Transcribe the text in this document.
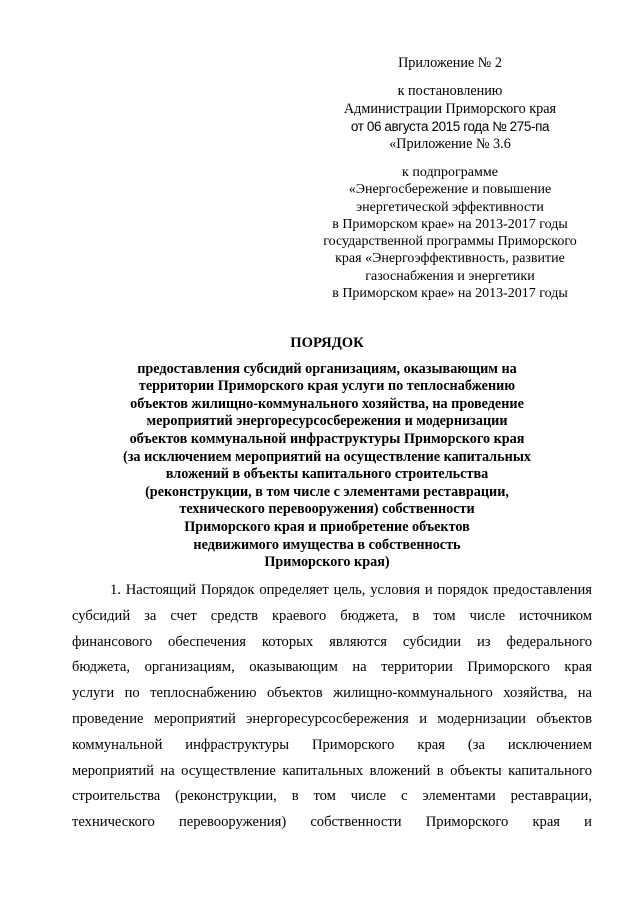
Приложение № 2
к постановлению
Администрации Приморского края
от 06 августа 2015 года № 275-па
«Приложение № 3.6
к подпрограмме
«Энергосбережение и повышение
энергетической эффективности
в Приморском крае» на 2013-2017 годы
государственной программы Приморского
края «Энергоэффективность, развитие
газоснабжения и энергетики
в Приморском крае» на 2013-2017 годы
ПОРЯДОК
предоставления субсидий организациям, оказывающим на
территории Приморского края услуги по теплоснабжению
объектов жилищно-коммунального хозяйства, на проведение
мероприятий энергоресурсосбережения и модернизации
объектов коммунальной инфраструктуры Приморского края
(за исключением мероприятий на осуществление капитальных
вложений в объекты капитального строительства
(реконструкции, в том числе с элементами реставрации,
технического перевооружения) собственности
Приморского края и приобретение объектов
недвижимого имущества в собственность
Приморского края)
1. Настоящий Порядок определяет цель, условия и порядок предоставления
субсидий за счет средств краевого бюджета, в том числе источником
финансового обеспечения которых являются субсидии из федерального
бюджета, организациям, оказывающим на территории Приморского края
услуги по теплоснабжению объектов жилищно-коммунального хозяйства, на
проведение мероприятий энергоресурсосбережения и модернизации объектов
коммунальной инфраструктуры Приморского края (за исключением
мероприятий на осуществление капитальных вложений в объекты капитального
строительства (реконструкции, в том числе с элементами реставрации,
технического перевооружения) собственности Приморского края и
